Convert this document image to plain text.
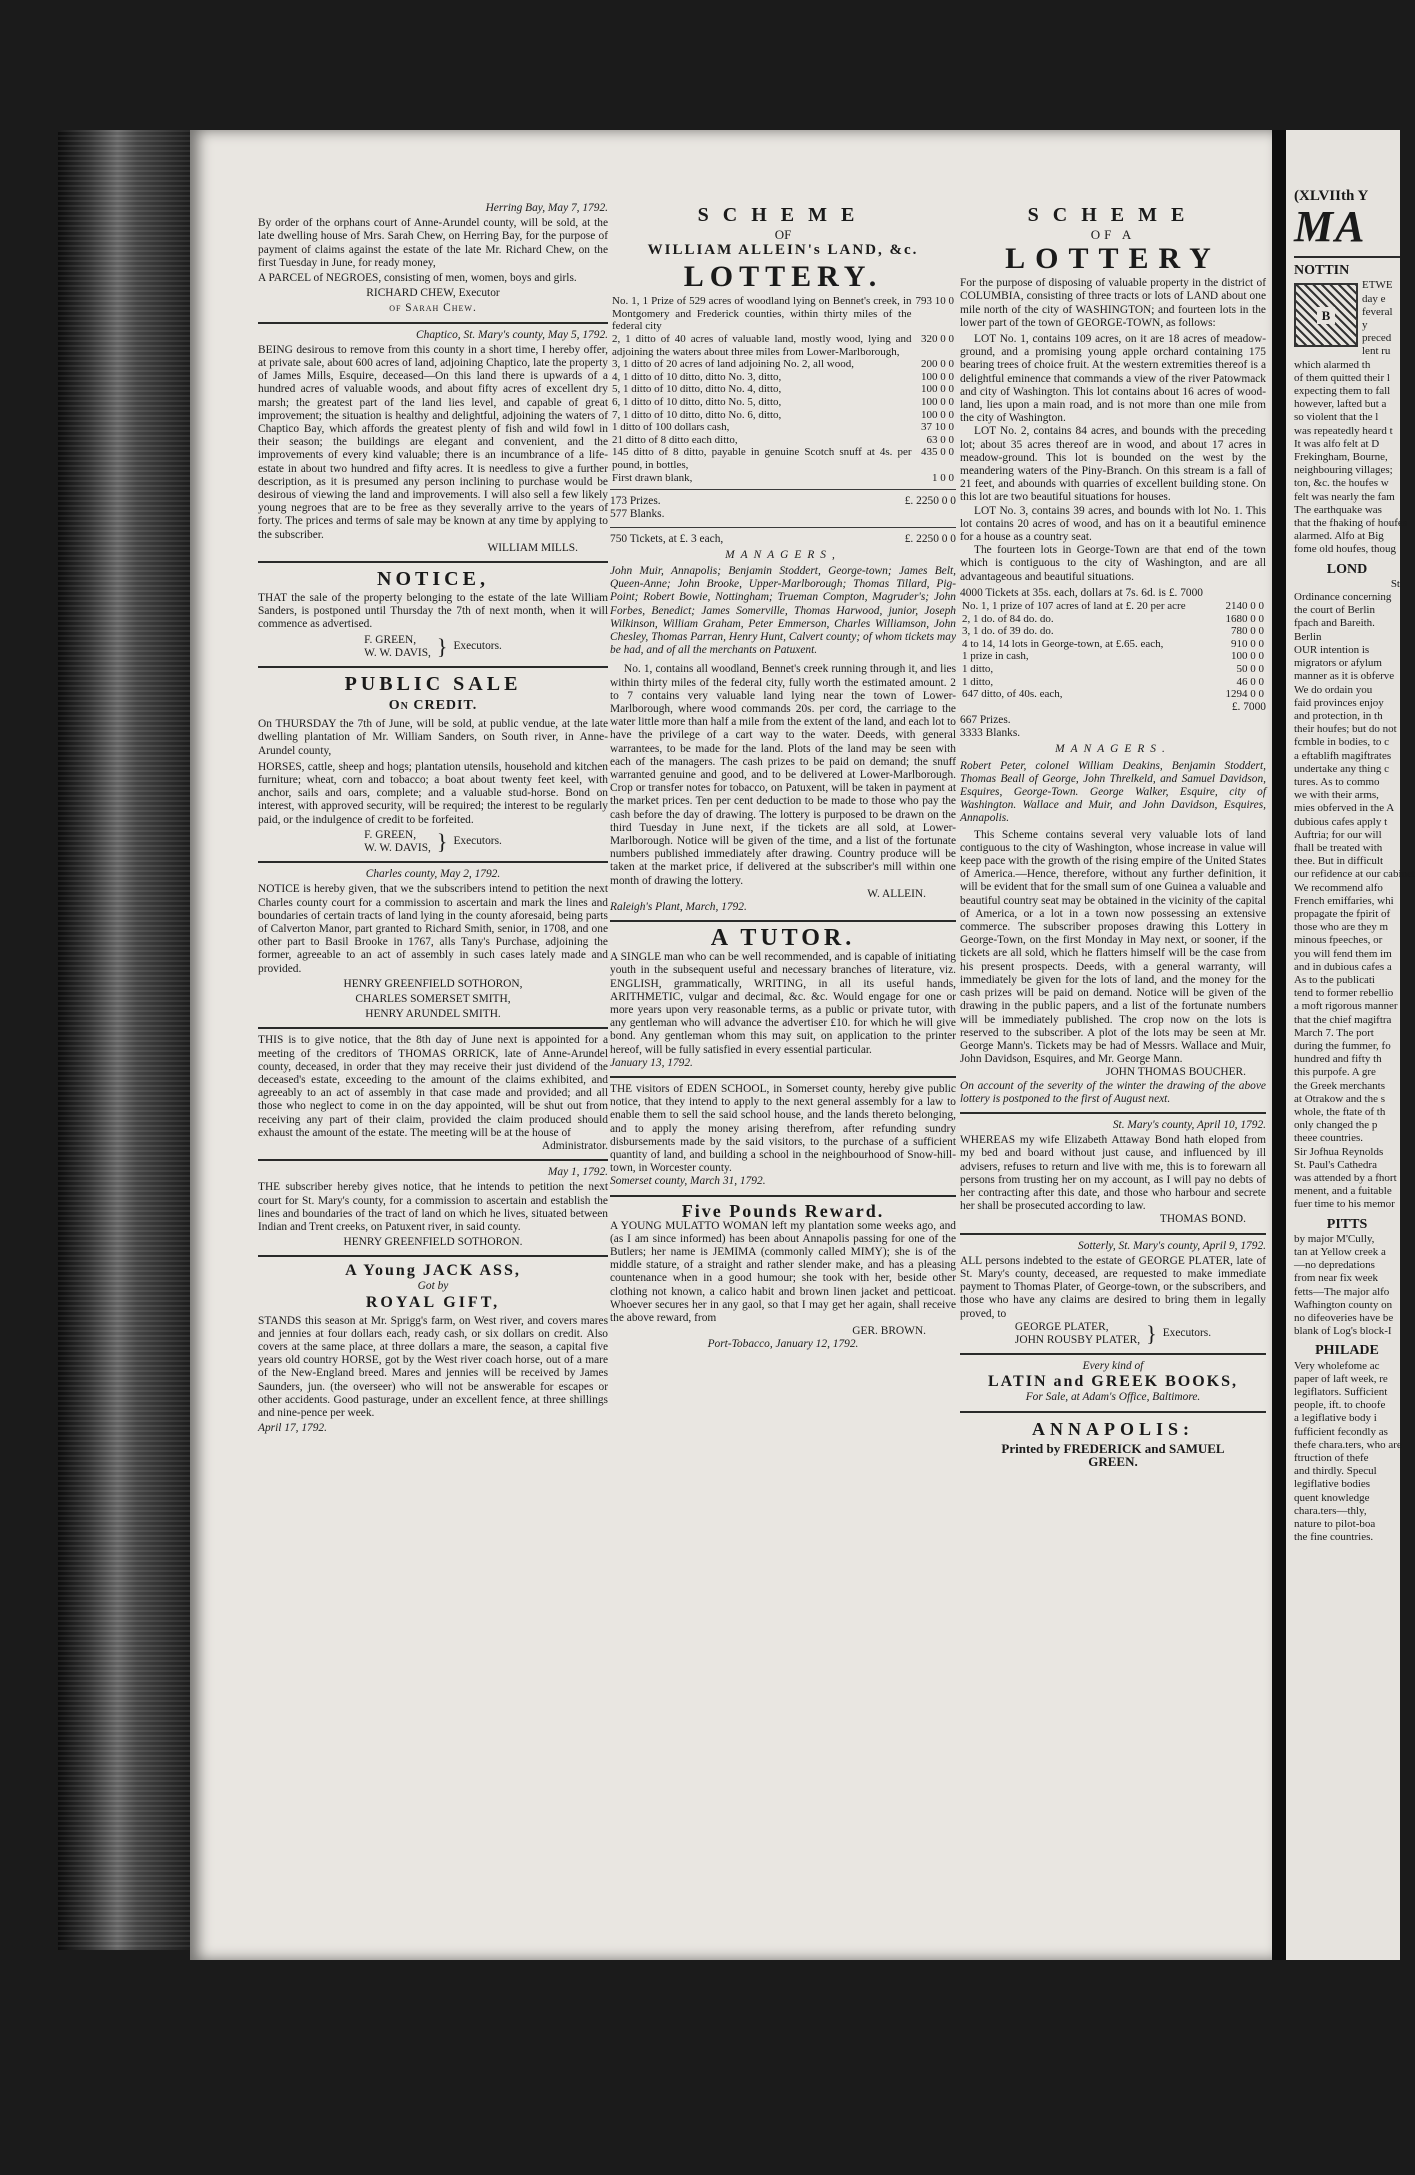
Herring Bay, May 7, 1792.
By order of the orphans court of Anne-Arundel county, will be sold, at the late dwelling house of Mrs. Sarah Chew, on Herring Bay, for the purpose of payment of claims against the estate of the late Mr. Richard Chew, on the first Tuesday in June, for ready money,
A PARCEL of NEGROES, consisting of men, women, boys and girls.
RICHARD CHEW, Executor
of Sarah Chew.
Chaptico, St. Mary's county, May 5, 1792.
BEING desirous to remove from this county in a short time, I hereby offer, at private sale, about 600 acres of land, adjoining Chaptico, late the property of James Mills, Esquire, deceased—On this land there is upwards of a hundred acres of valuable woods, and about fifty acres of excellent dry marsh; the greatest part of the land lies level, and capable of great improvement; the situation is healthy and delightful, adjoining the waters of Chaptico Bay, which affords the greatest plenty of fish and wild fowl in their season; the buildings are elegant and convenient, and the improvements of every kind valuable; there is an incumbrance of a life-estate in about two hundred and fifty acres. It is needless to give a further description, as it is presumed any person inclining to purchase would be desirous of viewing the land and improvements. I will also sell a few likely young negroes that are to be free as they severally arrive to the years of forty. The prices and terms of sale may be known at any time by applying to the subscriber.
WILLIAM MILLS.
NOTICE,
THAT the sale of the property belonging to the estate of the late William Sanders, is postponed until Thursday the 7th of next month, when it will commence as advertised.
F. GREEN,
W. W. DAVIS, } Executors.
PUBLIC SALE
On CREDIT.
On THURSDAY the 7th of June, will be sold, at public vendue, at the late dwelling plantation of Mr. William Sanders, on South river, in Anne-Arundel county,
HORSES, cattle, sheep and hogs; plantation utensils, household and kitchen furniture; wheat, corn and tobacco; a boat about twenty feet keel, with anchor, sails and oars, complete; and a valuable stud-horse. Bond on interest, with approved security, will be required; the interest to be regularly paid, or the indulgence of credit to be forfeited.
F. GREEN,
W. W. DAVIS, } Executors.
Charles county, May 2, 1792.
NOTICE is hereby given, that we the subscribers intend to petition the next Charles county court for a commission to ascertain and mark the lines and boundaries of certain tracts of land lying in the county aforesaid, being parts of Calverton Manor, part granted to Richard Smith, senior, in 1708, and one other part to Basil Brooke in 1767, alls Tany's Purchase, adjoining the former, agreeable to an act of assembly in such cases lately made and provided.
HENRY GREENFIELD SOTHORON,
CHARLES SOMERSET SMITH,
HENRY ARUNDEL SMITH.
THIS is to give notice, that the 8th day of June next is appointed for a meeting of the creditors of THOMAS ORRICK, late of Anne-Arundel county, deceased, in order that they may receive their just dividend of the deceased's estate, exceeding to the amount of the claims exhibited, and agreeably to an act of assembly in that case made and provided; and all those who neglect to come in on the day appointed, will be shut out from receiving any part of their claim, provided the claim produced should exhaust the amount of the estate. The meeting will be at the house of
Administrator.
May 1, 1792.
THE subscriber hereby gives notice, that he intends to petition the next court for St. Mary's county, for a commission to ascertain and establish the lines and boundaries of the tract of land on which he lives, situated between Indian and Trent creeks, on Patuxent river, in said county.
HENRY GREENFIELD SOTHORON.
A Young JACK ASS,
Got by
ROYAL GIFT,
STANDS this season at Mr. Sprigg's farm, on West river, and covers mares and jennies at four dollars each, ready cash, or six dollars on credit. Also covers at the same place, at three dollars a mare, the season, a capital five years old country HORSE, got by the West river coach horse, out of a mare of the New-England breed. Mares and jennies will be received by James Saunders, jun. (the overseer) who will not be answerable for escapes or other accidents. Good pasturage, under an excellent fence, at three shillings and nine-pence per week.
April 17, 1792.
SCHEME
OF
WILLIAM ALLEIN's LAND, &c.
LOTTERY.
No. 1, 1 Prize of 529 acres of woodland lying on Bennet's creek, in Montgomery and Frederick counties, within thirty miles of the federal city	793 10 0
2, 1 ditto of 40 acres of valuable land, mostly wood, lying and adjoining the waters about three miles from Lower-Marlborough,	320 0 0
3, 1 ditto of 20 acres of land adjoining No. 2, all wood,	200 0 0
4, 1 ditto of 10 ditto, ditto No. 3, ditto,	100 0 0
5, 1 ditto of 10 ditto, ditto No. 4, ditto,	100 0 0
6, 1 ditto of 10 ditto, ditto No. 5, ditto,	100 0 0
7, 1 ditto of 10 ditto, ditto No. 6, ditto,	100 0 0
1 ditto of 100 dollars cash,	37 10 0
21 ditto of 8 ditto each ditto,	63 0 0
145 ditto of 8 ditto, payable in genuine Scotch snuff at 4s. per pound, in bottles,	435 0 0
First drawn blank,	1 0 0
173 Prizes.	£. 2250 0 0
577 Blanks.
750 Tickets, at £. 3 each,	£. 2250 0 0
MANAGERS,
John Muir, Annapolis; Benjamin Stoddert, George-town; James Belt, Queen-Anne; John Brooke, Upper-Marlborough; Thomas Tillard, Pig-Point; Robert Bowie, Nottingham; Trueman Compton, Magruder's; John Forbes, Benedict; James Somerville, Thomas Harwood, junior, Joseph Wilkinson, William Graham, Peter Emmerson, Charles Williamson, John Chesley, Thomas Parran, Henry Hunt, Calvert county; of whom tickets may be had, and of all the merchants on Patuxent.
No. 1, contains all woodland, Bennet's creek running through it, and lies within thirty miles of the federal city, fully worth the estimated amount. 2 to 7 contains very valuable land lying near the town of Lower-Marlborough, where wood commands 20s. per cord, the carriage to the water little more than half a mile from the extent of the land, and each lot to have the privilege of a cart way to the water. Deeds, with general warrantees, to be made for the land. Plots of the land may be seen with each of the managers. The cash prizes to be paid on demand; the snuff warranted genuine and good, and to be delivered at Lower-Marlborough. Crop or transfer notes for tobacco, on Patuxent, will be taken in payment at the market prices. Ten per cent deduction to be made to those who pay the cash before the day of drawing. The lottery is purposed to be drawn on the third Tuesday in June next, if the tickets are all sold, at Lower-Marlborough. Notice will be given of the time, and a list of the fortunate numbers published immediately after drawing. Country produce will be taken at the market price, if delivered at the subscriber's mill within one month of drawing the lottery.
W. ALLEIN.
Raleigh's Plant, March, 1792.
A TUTOR.
A SINGLE man who can be well recommended, and is capable of initiating youth in the subsequent useful and necessary branches of literature, viz. ENGLISH, grammatically, WRITING, in all its useful hands, ARITHMETIC, vulgar and decimal, &c. &c. Would engage for one or more years upon very reasonable terms, as a public or private tutor, with any gentleman who will advance the advertiser £10. for which he will give bond. Any gentleman whom this may suit, on application to the printer hereof, will be fully satisfied in every essential particular.
January 13, 1792.
THE visitors of EDEN SCHOOL, in Somerset county, hereby give public notice, that they intend to apply to the next general assembly for a law to enable them to sell the said school house, and the lands thereto belonging, and to apply the money arising therefrom, after refunding sundry disbursements made by the said visitors, to the purchase of a sufficient quantity of land, and building a school in the neighbourhood of Snow-hill-town, in Worcester county.
Somerset county, March 31, 1792.
Five Pounds Reward.
A YOUNG MULATTO WOMAN left my plantation some weeks ago, and (as I am since informed) has been about Annapolis passing for one of the Butlers; her name is JEMIMA (commonly called MIMY); she is of the middle stature, of a straight and rather slender make, and has a pleasing countenance when in a good humour; she took with her, beside other clothing not known, a calico habit and brown linen jacket and petticoat. Whoever secures her in any gaol, so that I may get her again, shall receive the above reward, from
GER. BROWN.
Port-Tobacco, January 12, 1792.
SCHEME
OF A
LOTTERY
For the purpose of disposing of valuable property in the district of COLUMBIA, consisting of three tracts or lots of LAND about one mile north of the city of WASHINGTON; and fourteen lots in the lower part of the town of GEORGE-TOWN, as follows:
LOT No. 1, contains 109 acres, on it are 18 acres of meadow-ground, and a promising young apple orchard containing 175 bearing trees of choice fruit. At the western extremities thereof is a delightful eminence that commands a view of the river Patowmack and city of Washington. This lot contains about 16 acres of wood-land, lies upon a main road, and is not more than one mile from the city of Washington.
LOT No. 2, contains 84 acres, and bounds with the preceding lot; about 35 acres thereof are in wood, and about 17 acres in meadow-ground. This lot is bounded on the west by the meandering waters of the Piny-Branch. On this stream is a fall of 21 feet, and abounds with quarries of excellent building stone. On this lot are two beautiful situations for houses.
LOT No. 3, contains 39 acres, and bounds with lot No. 1. This lot contains 20 acres of wood, and has on it a beautiful eminence for a house as a country seat.
The fourteen lots in George-Town are that end of the town which is contiguous to the city of Washington, and are all advantageous and beautiful situations.
4000 Tickets at 35s. each, dollars at 7s. 6d. is £. 7000
No. 1, 1 prize of 107 acres of land at £. 20 per acre	2140 0 0
2, 1 do. of 84 do. do.	1680 0 0
3, 1 do. of 39 do. do.	780 0 0
4 to 14, 14 lots in George-town, at £.65. each,	910 0 0
1 prize in cash,	100 0 0
1 ditto,	50 0 0
1 ditto,	46 0 0
647 ditto, of 40s. each,	1294 0 0
£. 7000
667 Prizes.
3333 Blanks.
MANAGERS.
Robert Peter, colonel William Deakins, Benjamin Stoddert, Thomas Beall of George, John Threlkeld, and Samuel Davidson, Esquires, George-Town. George Walker, Esquire, city of Washington. Wallace and Muir, and John Davidson, Esquires, Annapolis.
This Scheme contains several very valuable lots of land contiguous to the city of Washington, whose increase in value will keep pace with the growth of the rising empire of the United States of America.—Hence, therefore, without any further definition, it will be evident that for the small sum of one Guinea a valuable and beautiful country seat may be obtained in the vicinity of the capital of America, or a lot in a town now possessing an extensive commerce. The subscriber proposes drawing this Lottery in George-Town, on the first Monday in May next, or sooner, if the tickets are all sold, which he flatters himself will be the case from his present prospects. Deeds, with a general warranty, will immediately be given for the lots of land, and the money for the cash prizes will be paid on demand. Notice will be given of the drawing in the public papers, and a list of the fortunate numbers will be immediately published. The crop now on the lots is reserved to the subscriber. A plot of the lots may be seen at Mr. George Mann's. Tickets may be had of Messrs. Wallace and Muir, John Davidson, Esquires, and Mr. George Mann.
JOHN THOMAS BOUCHER.
On account of the severity of the winter the drawing of the above lottery is postponed to the first of August next.
St. Mary's county, April 10, 1792.
WHEREAS my wife Elizabeth Attaway Bond hath eloped from my bed and board without just cause, and influenced by ill advisers, refuses to return and live with me, this is to forewarn all persons from trusting her on my account, as I will pay no debts of her contracting after this date, and those who harbour and secrete her shall be prosecuted according to law.
THOMAS BOND.
Sotterly, St. Mary's county, April 9, 1792.
ALL persons indebted to the estate of GEORGE PLATER, late of St. Mary's county, deceased, are requested to make immediate payment to Thomas Plater, of George-town, or the subscribers, and those who have any claims are desired to bring them in legally proved, to
GEORGE PLATER,
JOHN ROUSBY PLATER, } Executors.
Every kind of
LATIN and GREEK BOOKS,
For Sale, at Adam's Office, Baltimore.
ANNAPOLIS:
Printed by FREDERICK and SAMUEL
GREEN.
(XLVIIth Y
MA
NOTTIN
B
ETWE
day e
feveral
y
preced
lent ru
which alarmed th
of them quitted their l
expecting them to fall
however, lafted but a
so violent that the l
was repeatedly heard t
It was alfo felt at D
Frekingham, Bourne,
neighbouring villages;
ton, &c. the houfes w
felt was nearly the fam
The earthquake was
that the fhaking of houfes
alarmed. Alfo at Big
fome old houfes, thoug
LOND
St
Ordinance concerning
the court of Berlin
fpach and Bareith.
Berlin
OUR intention is
migrators or afylum
manner as it is obferve
We do ordain you
faid provinces enjoy
and protection, in th
their houfes; but do not
fcmble in bodies, to c
a eftablifh magiftrates
undertake any thing c
tures. As to commo
we with their arms,
mies obferved in the A
dubious cafes apply t
Auftria; for our will
fhall be treated with
thee. But in difficult
our refidence at our cabinet
We recommend alfo
French emiffaries, whi
propagate the fpirit of
those who are they m
minous fpeeches, or
you will fend them im
and in dubious cafes a
As to the publicati
tend to former rebellio
a moft rigorous manner
that the chief magiftra
March 7. The port
during the fummer, fo
hundred and fifty th
this purpofe. A gre
the Greek merchants
at Otrakow and the s
whole, the ftate of th
only changed the p
theee countries.
Sir Jofhua Reynolds
St. Paul's Cathedra
was attended by a fhort
menent, and a fuitable
fuer time to his memor
PITTS
by major M'Cully,
tan at Yellow creek a
—no depredations
from near fix week
fetts—The major alfo
Wafhington county on
no difeoveries have be
blank of Log's block-I
PHILADE
Very wholefome ac
paper of laft week, re
legiflators. Sufficient
people, ift. to choofe
a legiflative body i
fufficient fecondly as
thefe chara.ters, who are
ftruction of thefe
and thirdly. Specul
legiflative bodies
quent knowledge
chara.ters—thly,
nature to pilot-boa
the fine countries.
